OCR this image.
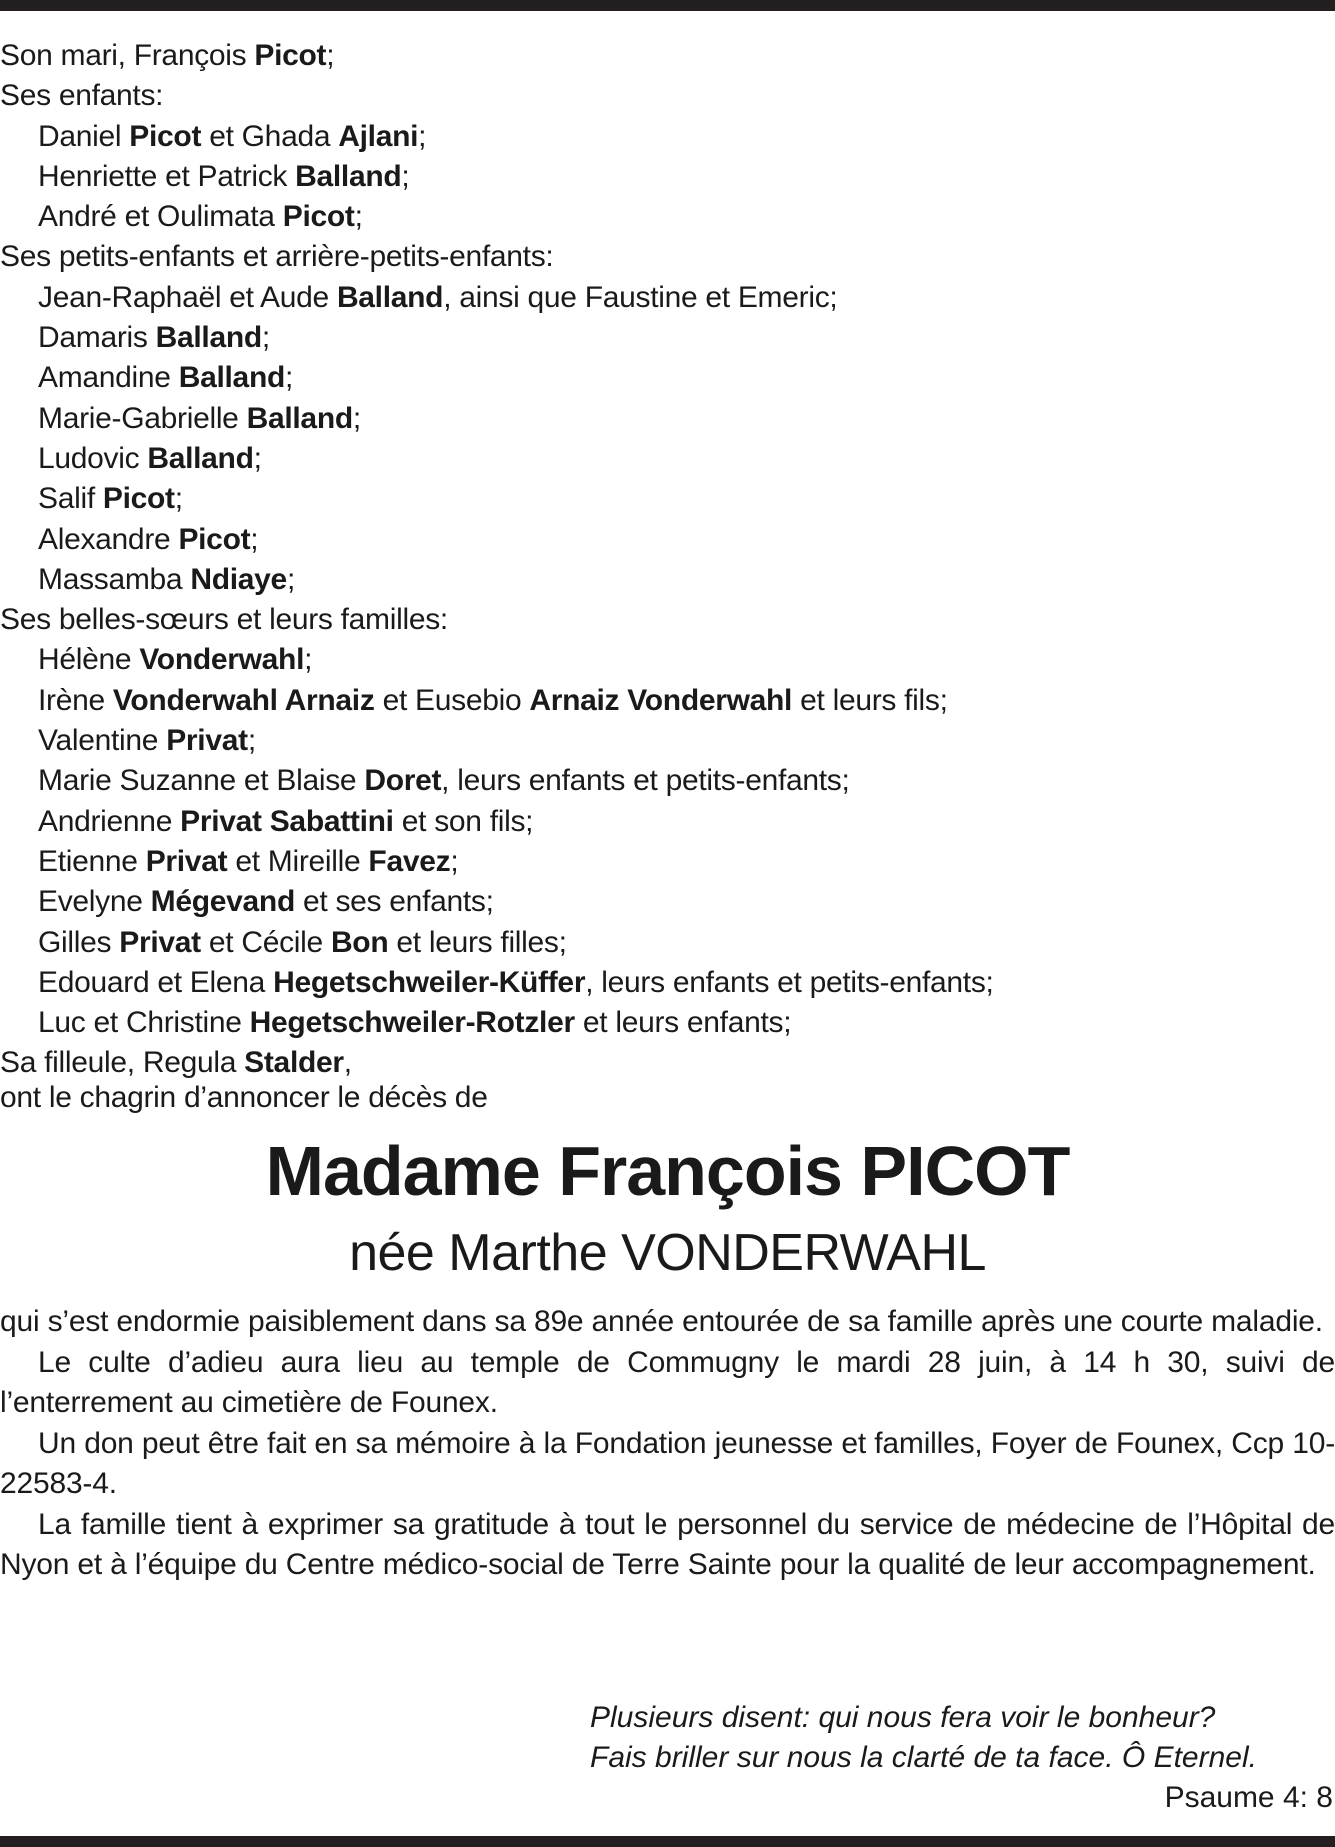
Son mari, François Picot;
Ses enfants:
Daniel Picot et Ghada Ajlani;
Henriette et Patrick Balland;
André et Oulimata Picot;
Ses petits-enfants et arrière-petits-enfants:
Jean-Raphaël et Aude Balland, ainsi que Faustine et Emeric;
Damaris Balland;
Amandine Balland;
Marie-Gabrielle Balland;
Ludovic Balland;
Salif Picot;
Alexandre Picot;
Massamba Ndiaye;
Ses belles-sœurs et leurs familles:
Hélène Vonderwahl;
Irène Vonderwahl Arnaiz et Eusebio Arnaiz Vonderwahl et leurs fils;
Valentine Privat;
Marie Suzanne et Blaise Doret, leurs enfants et petits-enfants;
Andrienne Privat Sabattini et son fils;
Etienne Privat et Mireille Favez;
Evelyne Mégevand et ses enfants;
Gilles Privat et Cécile Bon et leurs filles;
Edouard et Elena Hegetschweiler-Küffer, leurs enfants et petits-enfants;
Luc et Christine Hegetschweiler-Rotzler et leurs enfants;
Sa filleule, Regula Stalder,
ont le chagrin d’annoncer le décès de
Madame François PICOT
née Marthe VONDERWAHL

qui s’est endormie paisiblement dans sa 89e année entourée de sa famille après une courte maladie.

Le culte d’adieu aura lieu au temple de Commugny le mardi 28 juin, à 14 h 30, suivi de l’enterrement au cimetière de Founex.

Un don peut être fait en sa mémoire à la Fondation jeunesse et familles, Foyer de Founex, Ccp 10-22583-4.

La famille tient à exprimer sa gratitude à tout le personnel du service de médecine de l’Hôpital de Nyon et à l’équipe du Centre médico-social de Terre Sainte pour la qualité de leur accompagnement.

Plusieurs disent: qui nous fera voir le bonheur?
Fais briller sur nous la clarté de ta face. Ô Eternel.
Psaume 4: 8
